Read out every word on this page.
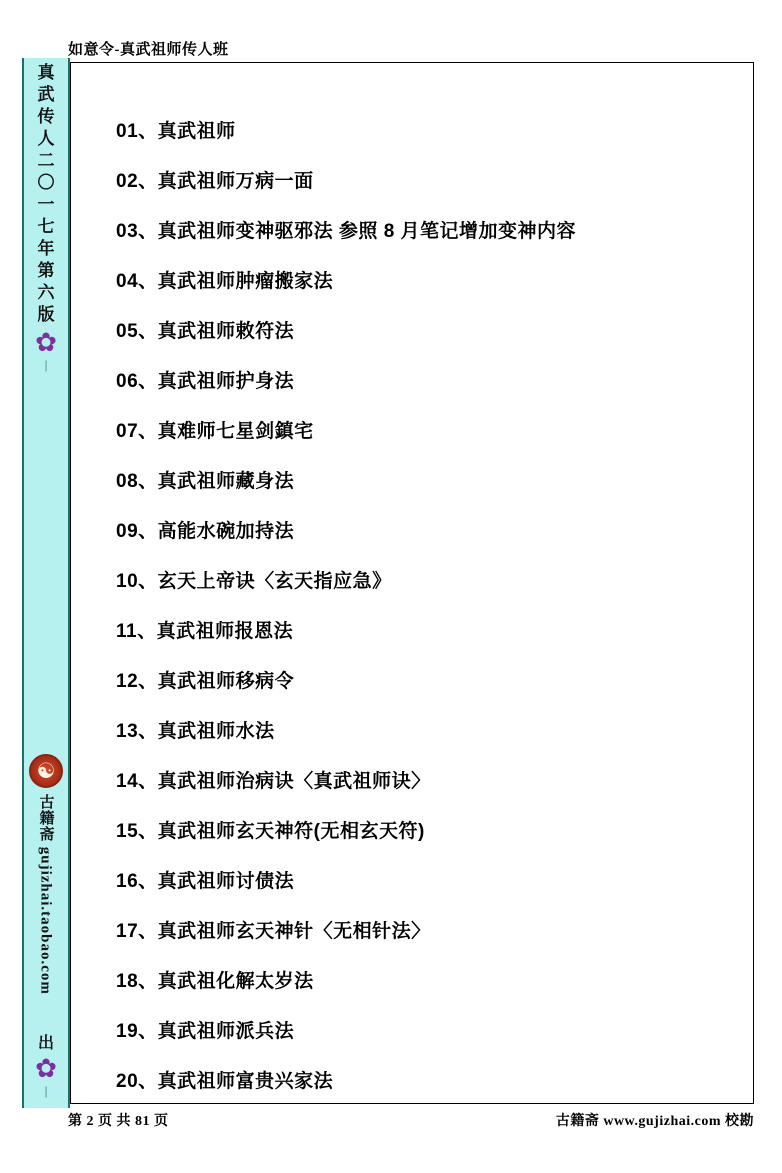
真武传人二〇一七年第六版
✿
|
☯
古籍斋 gujizhai.taobao.com
出
✿
|
如意令-真武祖师传人班
01、 真武祖师
02、 真武祖师万病一面
03、 真武祖师变神驱邪法 参照 8 月笔记增加变神内容
04、 真武祖师肿瘤搬家法
05、 真武祖师敕符法
06、 真武祖师护身法
07、 真难师七星剑鎮宅
08、 真武祖师藏身法
09、 高能水碗加持法
10、 玄天上帝诀〈玄天指应急》
11、 真武祖师报恩法
12、 真武祖师移病令
13、 真武祖师水法
14、 真武祖师治病诀〈真武祖师诀〉
15、 真武祖师玄天神符(无相玄天符)
16、 真武祖师讨债法
17、 真武祖师玄天神针〈无相针法〉
18、 真武祖化解太岁法
19、 真武祖师派兵法
20、 真武祖师富贵兴家法
第 2 页 共 81 页	古籍斋 www.gujizhai.com 校勘
